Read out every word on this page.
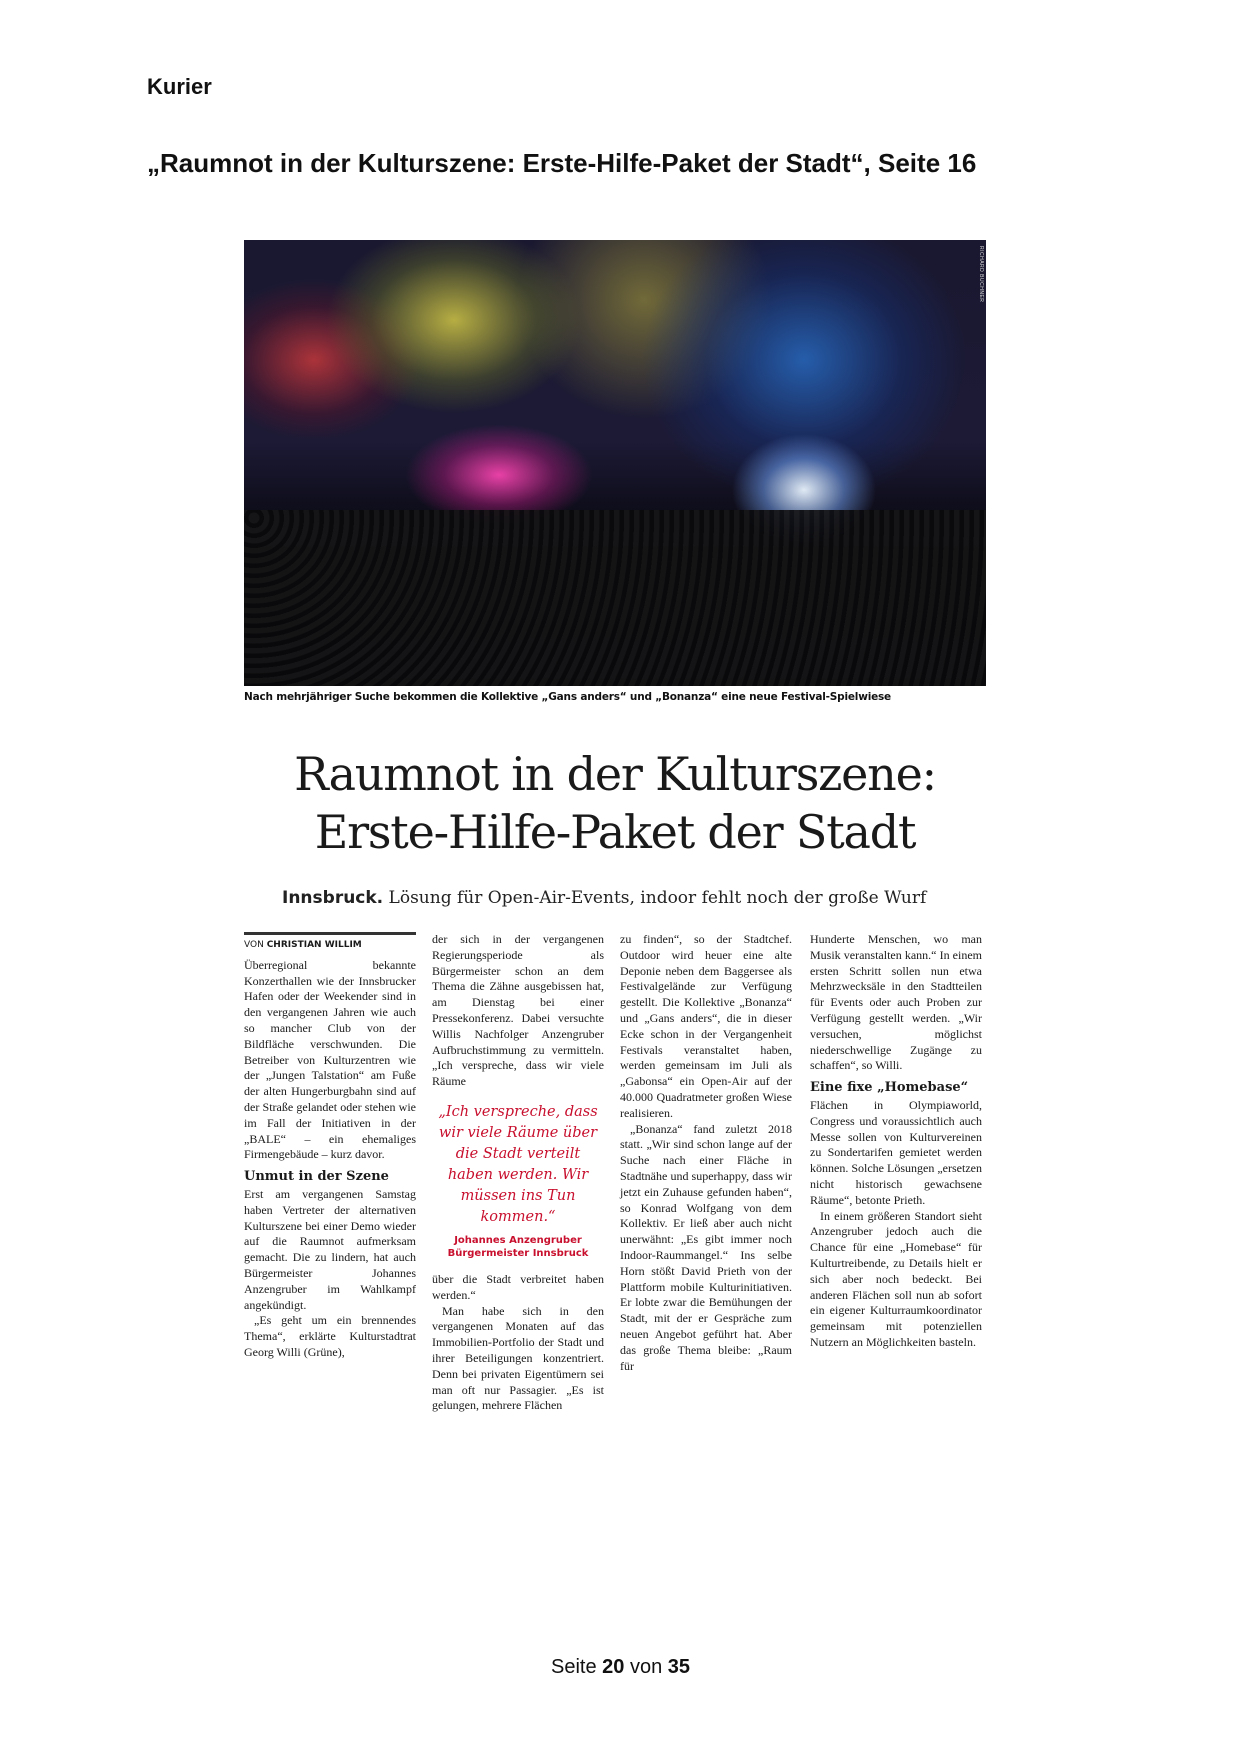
Kurier
„Raumnot in der Kulturszene: Erste-Hilfe-Paket der Stadt“, Seite 16
RICHARD BUCHNER
Nach mehrjähriger Suche bekommen die Kollektive „Gans anders“ und „Bonanza“ eine neue Festival-Spielwiese
Raumnot in der Kulturszene:
Erste-Hilfe-Paket der Stadt
Innsbruck. Lösung für Open-Air-Events, indoor fehlt noch der große Wurf
VON CHRISTIAN WILLIM

Überregional bekannte Konzerthallen wie der Innsbrucker Hafen oder der Weekender sind in den vergangenen Jahren wie auch so mancher Club von der Bildfläche verschwunden. Die Betreiber von Kulturzentren wie der „Jungen Talstation“ am Fuße der alten Hungerburgbahn sind auf der Straße gelandet oder stehen wie im Fall der Initiativen in der „BALE“ – ein ehemaliges Firmengebäude – kurz davor.

Unmut in der Szene

Erst am vergangenen Samstag haben Vertreter der alternativen Kulturszene bei einer Demo wieder auf die Raumnot aufmerksam gemacht. Die zu lindern, hat auch Bürgermeister Johannes Anzengruber im Wahlkampf angekündigt.

„Es geht um ein brennendes Thema“, erklärte Kulturstadtrat Georg Willi (Grüne),

der sich in der vergangenen Regierungsperiode als Bürgermeister schon an dem Thema die Zähne ausgebissen hat, am Dienstag bei einer Pressekonferenz. Dabei versuchte Willis Nachfolger Anzengruber Aufbruchstimmung zu vermitteln. „Ich verspreche, dass wir viele Räume

„Ich verspreche, dass wir viele Räume über die Stadt verteilt haben werden. Wir müssen ins Tun kommen.“
Johannes Anzengruber
Bürgermeister Innsbruck

über die Stadt verbreitet haben werden.“

Man habe sich in den vergangenen Monaten auf das Immobilien-Portfolio der Stadt und ihrer Beteiligungen konzentriert. Denn bei privaten Eigentümern sei man oft nur Passagier. „Es ist gelungen, mehrere Flächen

zu finden“, so der Stadtchef. Outdoor wird heuer eine alte Deponie neben dem Baggersee als Festivalgelände zur Verfügung gestellt. Die Kollektive „Bonanza“ und „Gans anders“, die in dieser Ecke schon in der Vergangenheit Festivals veranstaltet haben, werden gemeinsam im Juli als „Gabonsa“ ein Open-Air auf der 40.000 Quadratmeter großen Wiese realisieren.

„Bonanza“ fand zuletzt 2018 statt. „Wir sind schon lange auf der Suche nach einer Fläche in Stadtnähe und superhappy, dass wir jetzt ein Zuhause gefunden haben“, so Konrad Wolfgang von dem Kollektiv. Er ließ aber auch nicht unerwähnt: „Es gibt immer noch Indoor-Raummangel.“ Ins selbe Horn stößt David Prieth von der Plattform mobile Kulturinitiativen. Er lobte zwar die Bemühungen der Stadt, mit der er Gespräche zum neuen Angebot geführt hat. Aber das große Thema bleibe: „Raum für

Hunderte Menschen, wo man Musik veranstalten kann.“ In einem ersten Schritt sollen nun etwa Mehrzwecksäle in den Stadtteilen für Events oder auch Proben zur Verfügung gestellt werden. „Wir versuchen, möglichst niederschwellige Zugänge zu schaffen“, so Willi.

Eine fixe „Homebase“

Flächen in Olympiaworld, Congress und voraussichtlich auch Messe sollen von Kulturvereinen zu Sondertarifen gemietet werden können. Solche Lösungen „ersetzen nicht historisch gewachsene Räume“, betonte Prieth.

In einem größeren Standort sieht Anzengruber jedoch auch die Chance für eine „Homebase“ für Kulturtreibende, zu Details hielt er sich aber noch bedeckt. Bei anderen Flächen soll nun ab sofort ein eigener Kulturraumkoordinator gemeinsam mit potenziellen Nutzern an Möglichkeiten basteln.

Seite 20 von 35
